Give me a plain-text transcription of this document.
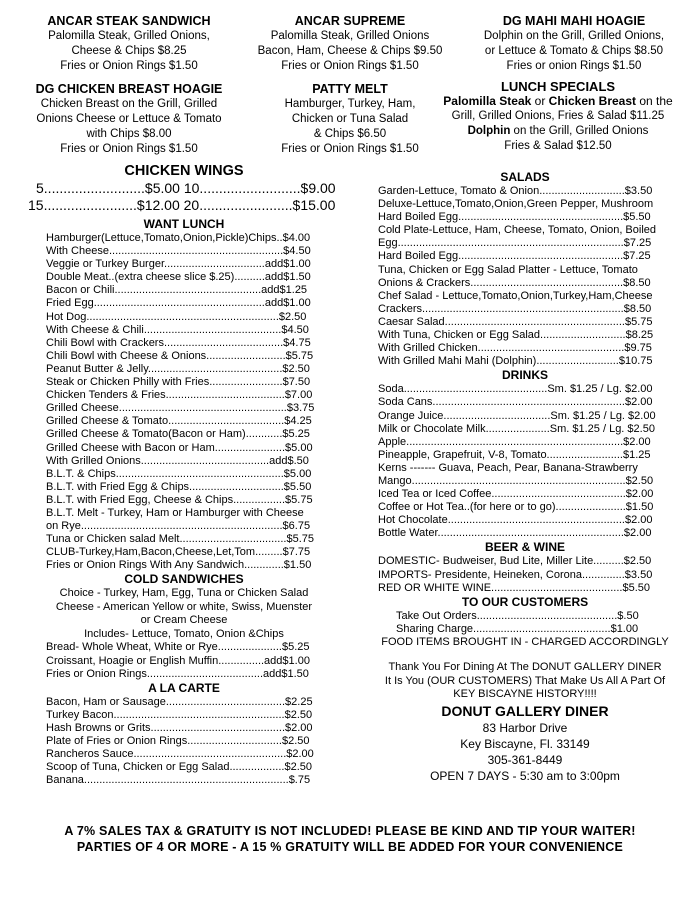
ANCAR STEAK SANDWICH
Palomilla Steak, Grilled Onions,
Cheese & Chips $8.25
Fries or Onion Rings $1.50
ANCAR SUPREME
Palomilla Steak, Grilled Onions
Bacon, Ham, Cheese & Chips $9.50
Fries or Onion Rings $1.50
DG MAHI MAHI HOAGIE
Dolphin on the Grill, Grilled Onions,
or Lettuce & Tomato & Chips $8.50
Fries or onion Rings $1.50
DG CHICKEN BREAST HOAGIE
Chicken Breast on the Grill, Grilled
Onions Cheese or Lettuce & Tomato
with Chips $8.00
Fries or Onion Rings $1.50
PATTY MELT
Hamburger, Turkey, Ham,
Chicken or Tuna Salad
& Chips $6.50
Fries or Onion Rings $1.50
LUNCH SPECIALS
Palomilla Steak or Chicken Breast on the
Grill, Grilled Onions, Fries & Salad $11.25
Dolphin on the Grill, Grilled Onions
Fries & Salad $12.50
CHICKEN WINGS
5..........................$5.00 10..........................$9.00
15........................$12.00 20........................$15.00
WANT LUNCH
Hamburger(Lettuce,Tomato,Onion,Pickle)Chips..$4.00
With Cheese.........................................................$4.50
Veggie or Turkey Burger.................................add$1.00
Double Meat..(extra cheese slice $.25)..........add$1.50
Bacon or Chili................................................add$1.25
Fried Egg........................................................add$1.00
Hot Dog...............................................................$2.50
With Cheese & Chili.............................................$4.50
Chili Bowl with Crackers.......................................$4.75
Chili Bowl with Cheese & Onions..........................$5.75
Peanut Butter & Jelly............................................$2.50
Steak or Chicken Philly with Fries........................$7.50
Chicken Tenders & Fries.......................................$7.00
Grilled Cheese.......................................................$3.75
Grilled Cheese & Tomato......................................$4.25
Grilled Cheese & Tomato(Bacon or Ham)............$5.25
Grilled Cheese with Bacon or Ham.......................$5.00
With Grilled Onions..........................................add$.50
B.L.T. & Chips.......................................................$5.00
B.L.T. with Fried Egg & Chips...............................$5.50
B.L.T. with Fried Egg, Cheese & Chips.................$5.75
B.L.T. Melt - Turkey, Ham or Hamburger with Cheese
on Rye..................................................................$6.75
Tuna or Chicken salad Melt...................................$5.75
CLUB-Turkey,Ham,Bacon,Cheese,Let,Tom.........$7.75
Fries or Onion Rings With Any Sandwich.............$1.50
COLD SANDWICHES
Choice - Turkey, Ham, Egg, Tuna or Chicken Salad
Cheese - American Yellow or white, Swiss, Muenster
or Cream Cheese
Includes- Lettuce, Tomato, Onion &Chips
Bread- Whole Wheat, White or Rye.....................$5.25
Croissant, Hoagie or English Muffin...............add$1.00
Fries or Onion Rings......................................add$1.50
A LA CARTE
Bacon, Ham or Sausage.......................................$2.25
Turkey Bacon........................................................$2.50
Hash Browns or Grits............................................$2.00
Plate of Fries or Onion Rings...............................$2.50
Rancheros Sauce..................................................$2.00
Scoop of Tuna, Chicken or Egg Salad..................$2.50
Banana...................................................................$.75
SALADS
Garden-Lettuce, Tomato & Onion............................$3.50
Deluxe-Lettuce,Tomato,Onion,Green Pepper, Mushroom
Hard Boiled Egg......................................................$5.50
Cold Plate-Lettuce, Ham, Cheese, Tomato, Onion, Boiled
Egg..........................................................................$7.25
Hard Boiled Egg......................................................$7.25
Tuna, Chicken or Egg Salad Platter - Lettuce, Tomato
Onions & Crackers..................................................$8.50
Chef Salad - Lettuce,Tomato,Onion,Turkey,Ham,Cheese
Crackers..................................................................$8.50
Caesar Salad...........................................................$5.75
With Tuna, Chicken or Egg Salad............................$8.25
With Grilled Chicken................................................$9.75
With Grilled Mahi Mahi (Dolphin)...........................$10.75
DRINKS
Soda...............................................Sm. $1.25 / Lg. $2.00
Soda Cans...............................................................$2.00
Orange Juice...................................Sm. $1.25 / Lg. $2.00
Milk or Chocolate Milk.....................Sm. $1.25 / Lg. $2.50
Apple.......................................................................$2.00
Pineapple, Grapefruit, V-8, Tomato.........................$1.25
Kerns ------- Guava, Peach, Pear, Banana-Strawberry
Mango......................................................................$2.50
Iced Tea or Iced Coffee............................................$2.00
Coffee or Hot Tea..(for here or to go).......................$1.50
Hot Chocolate..........................................................$2.00
Bottle Water.............................................................$2.00
BEER & WINE
DOMESTIC- Budweiser, Bud Lite, Miller Lite..........$2.50
IMPORTS- Presidente, Heineken, Corona..............$3.50
RED OR WHITE WINE...........................................$5.50
TO OUR CUSTOMERS
Take Out Orders..............................................$.50
Sharing Charge.............................................$1.00
FOOD ITEMS BROUGHT IN - CHARGED ACCORDINGLY
Thank You For Dining At The DONUT GALLERY DINER
It Is You (OUR CUSTOMERS) That Make Us All A Part Of
KEY BISCAYNE HISTORY!!!!
DONUT GALLERY DINER
83 Harbor Drive
Key Biscayne, Fl. 33149
305-361-8449
OPEN 7 DAYS - 5:30 am to 3:00pm
A 7% SALES TAX & GRATUITY IS NOT INCLUDED! PLEASE BE KIND AND TIP YOUR WAITER!
PARTIES OF 4 OR MORE - A 15 % GRATUITY WILL BE ADDED FOR YOUR CONVENIENCE
